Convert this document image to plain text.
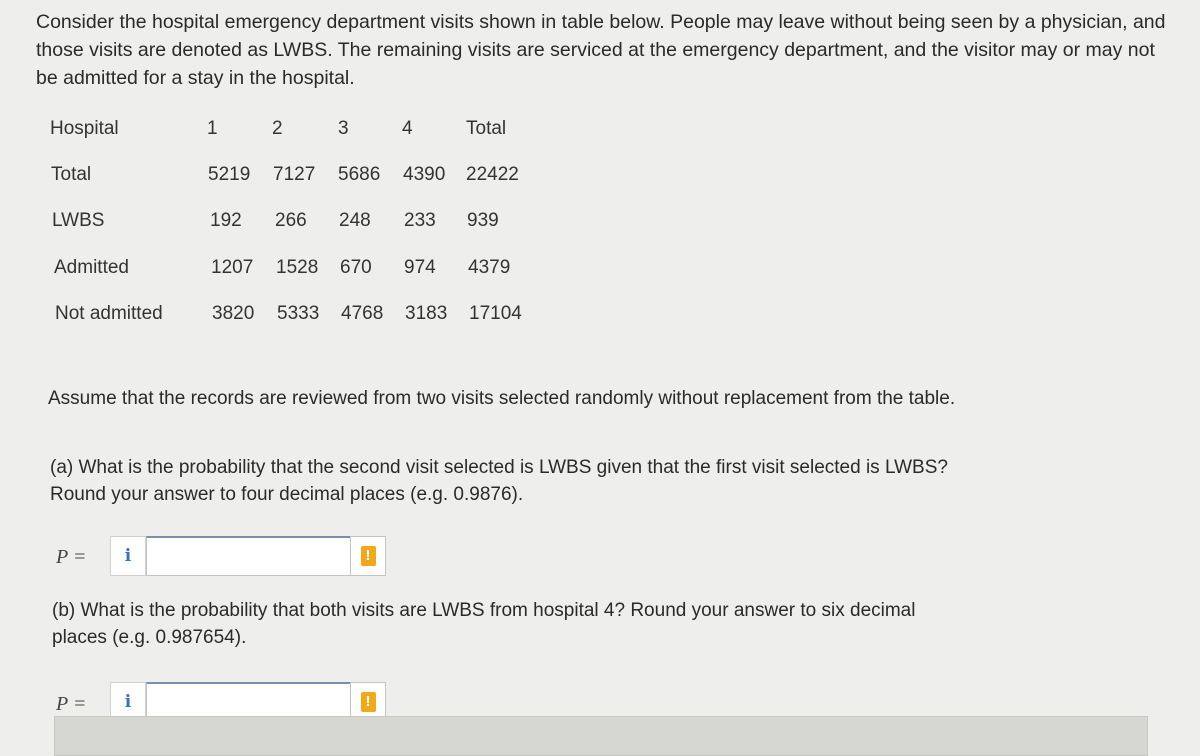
Consider the hospital emergency department visits shown in table below. People may leave without being seen by a physician, and those visits are denoted as LWBS. The remaining visits are serviced at the emergency department, and the visitor may or may not be admitted for a stay in the hospital.
Hospital	1	2	3	4	Total
Total	5219 7127 5686 4390 22422
LWBS	192 266 248 233 939
Admitted	1207 1528 670 974 4379
Not admitted	3820 5333 4768 3183 17104
Assume that the records are reviewed from two visits selected randomly without replacement from the table.
(a) What is the probability that the second visit selected is LWBS given that the first visit selected is LWBS? Round your answer to four decimal places (e.g. 0.9876).
P = i	!
(b) What is the probability that both visits are LWBS from hospital 4? Round your answer to six decimal places (e.g. 0.987654).
P = i	!
